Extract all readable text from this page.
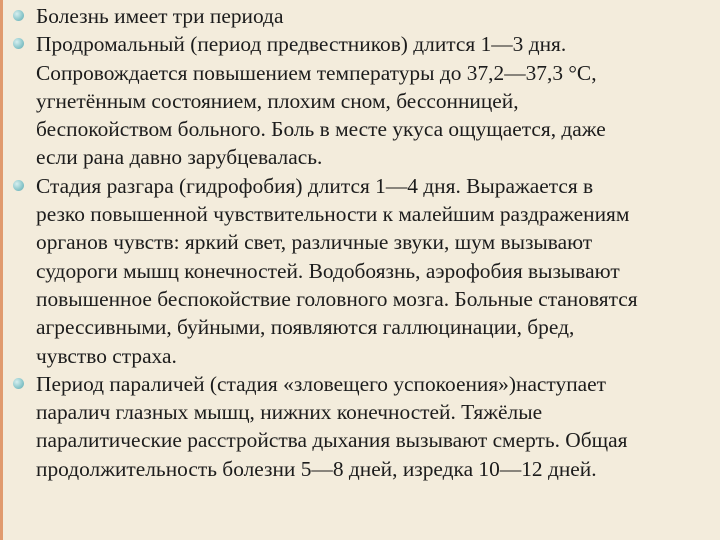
Болезнь имеет три периода
Продромальный (период предвестников) длится 1—3 дня.
Сопровождается повышением температуры до 37,2—37,3 °С,
угнетённым состоянием, плохим сном, бессонницей,
беспокойством больного. Боль в месте укуса ощущается, даже
если рана давно зарубцевалась.
Стадия разгара (гидрофобия) длится 1—4 дня. Выражается в
резко повышенной чувствительности к малейшим раздражениям
органов чувств: яркий свет, различные звуки, шум вызывают
судороги мышц конечностей. Водобоязнь, аэрофобия вызывают
повышенное беспокойствие головного мозга. Больные становятся
агрессивными, буйными, появляются галлюцинации, бред,
чувство страха.
Период параличей (стадия «зловещего успокоения»)наступает
паралич глазных мышц, нижних конечностей. Тяжёлые
паралитические расстройства дыхания вызывают смерть. Общая
продолжительность болезни 5—8 дней, изредка 10—12 дней.
